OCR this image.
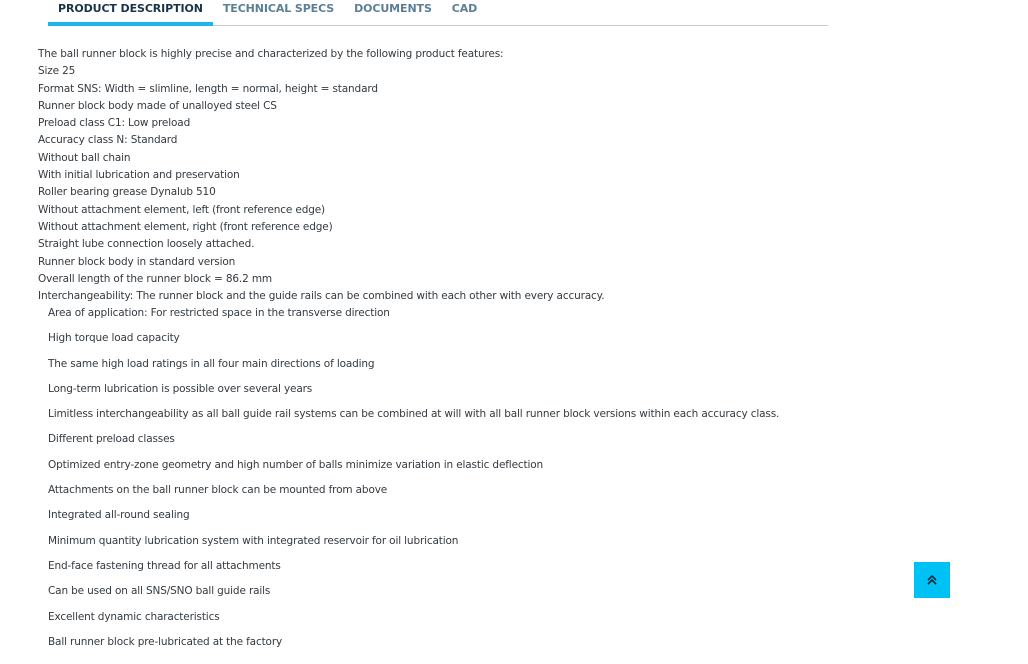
PRODUCT DESCRIPTION	TECHNICAL SPECS	DOCUMENTS	CAD
The ball runner block is highly precise and characterized by the following product features:
Size 25
Format SNS: Width = slimline, length = normal, height = standard
Runner block body made of unalloyed steel CS
Preload class C1: Low preload
Accuracy class N: Standard
Without ball chain
With initial lubrication and preservation
Roller bearing grease Dynalub 510
Without attachment element, left (front reference edge)
Without attachment element, right (front reference edge)
Straight lube connection loosely attached.
Runner block body in standard version
Overall length of the runner block = 86.2 mm
Interchangeability: The runner block and the guide rails can be combined with each other with every accuracy.
Area of application: For restricted space in the transverse direction
High torque load capacity
The same high load ratings in all four main directions of loading
Long-term lubrication is possible over several years
Limitless interchangeability as all ball guide rail systems can be combined at will with all ball runner block versions within each accuracy class.
Different preload classes
Optimized entry-zone geometry and high number of balls minimize variation in elastic deflection
Attachments on the ball runner block can be mounted from above
Integrated all-round sealing
Minimum quantity lubrication system with integrated reservoir for oil lubrication
End-face fastening thread for all attachments
Can be used on all SNS/SNO ball guide rails
Excellent dynamic characteristics
Ball runner block pre-lubricated at the factory
